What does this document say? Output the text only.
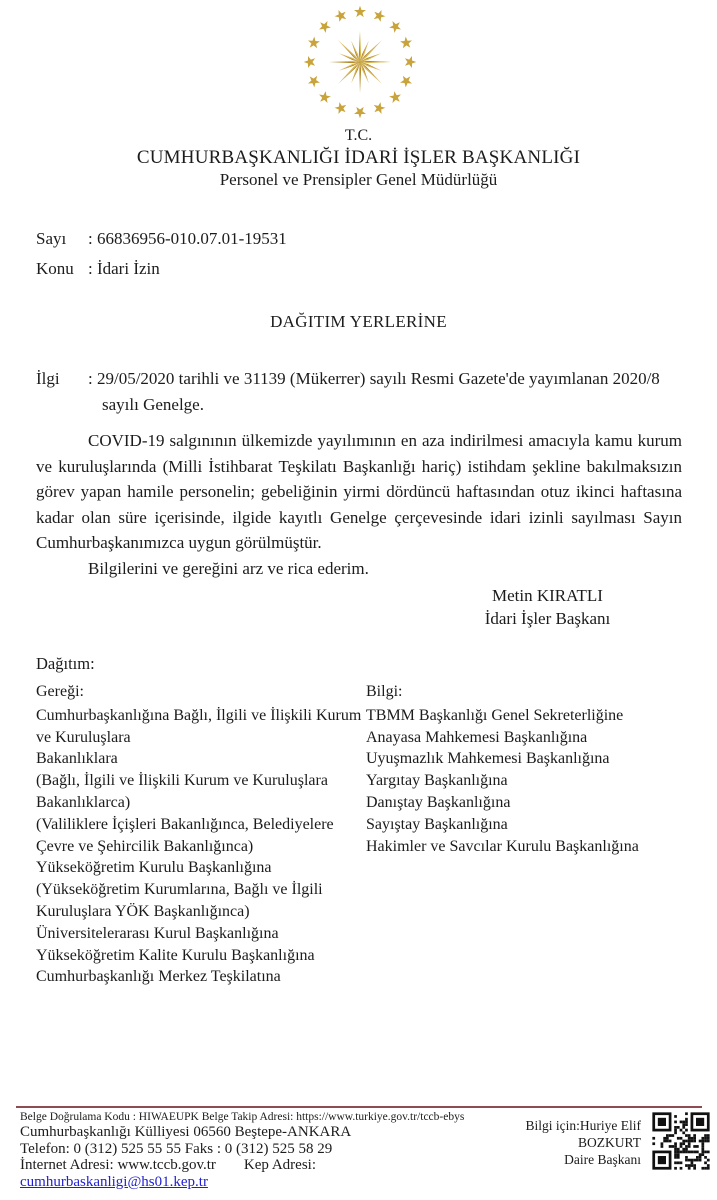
T.C.
CUMHURBAŞKANLIĞI İDARİ İŞLER BAŞKANLIĞI
Personel ve Prensipler Genel Müdürlüğü
Sayı : 66836956-010.07.01-19531
Konu : İdari İzin
DAĞITIM YERLERİNE
İlgi : 29/05/2020 tarihli ve 31139 (Mükerrer) sayılı Resmi Gazete'de yayımlanan 2020/8 sayılı Genelge.

COVID-19 salgınının ülkemizde yayılımının en aza indirilmesi amacıyla kamu kurum ve kuruluşlarında (Milli İstihbarat Teşkilatı Başkanlığı hariç) istihdam şekline bakılmaksızın görev yapan hamile personelin; gebeliğinin yirmi dördüncü haftasından otuz ikinci haftasına kadar olan süre içerisinde, ilgide kayıtlı Genelge çerçevesinde idari izinli sayılması Sayın Cumhurbaşkanımızca uygun görülmüştür.

Bilgilerini ve gereğini arz ve rica ederim.

Metin KIRATLI
İdari İşler Başkanı
Dağıtım:
Gereği:
Cumhurbaşkanlığına Bağlı, İlgili ve İlişkili Kurum ve Kuruluşlara
Bakanlıklara
(Bağlı, İlgili ve İlişkili Kurum ve Kuruluşlara Bakanlıklarca)
(Valiliklere İçişleri Bakanlığınca, Belediyelere Çevre ve Şehircilik Bakanlığınca)
Yükseköğretim Kurulu Başkanlığına
(Yükseköğretim Kurumlarına, Bağlı ve İlgili Kuruluşlara YÖK Başkanlığınca)
Üniversitelerarası Kurul Başkanlığına
Yükseköğretim Kalite Kurulu Başkanlığına
Cumhurbaşkanlığı Merkez Teşkilatına
Bilgi:
TBMM Başkanlığı Genel Sekreterliğine
Anayasa Mahkemesi Başkanlığına
Uyuşmazlık Mahkemesi Başkanlığına
Yargıtay Başkanlığına
Danıştay Başkanlığına
Sayıştay Başkanlığına
Hakimler ve Savcılar Kurulu Başkanlığına
Belge Doğrulama Kodu : HIWAEUPK Belge Takip Adresi: https://www.turkiye.gov.tr/tccb-ebys
Cumhurbaşkanlığı Külliyesi 06560 Beştepe-ANKARA
Telefon: 0 (312) 525 55 55 Faks : 0 (312) 525 58 29
İnternet Adresi: www.tccb.gov.tr Kep Adresi:
cumhurbaskanligi@hs01.kep.tr
Bilgi için:Huriye Elif
BOZKURT
Daire Başkanı
